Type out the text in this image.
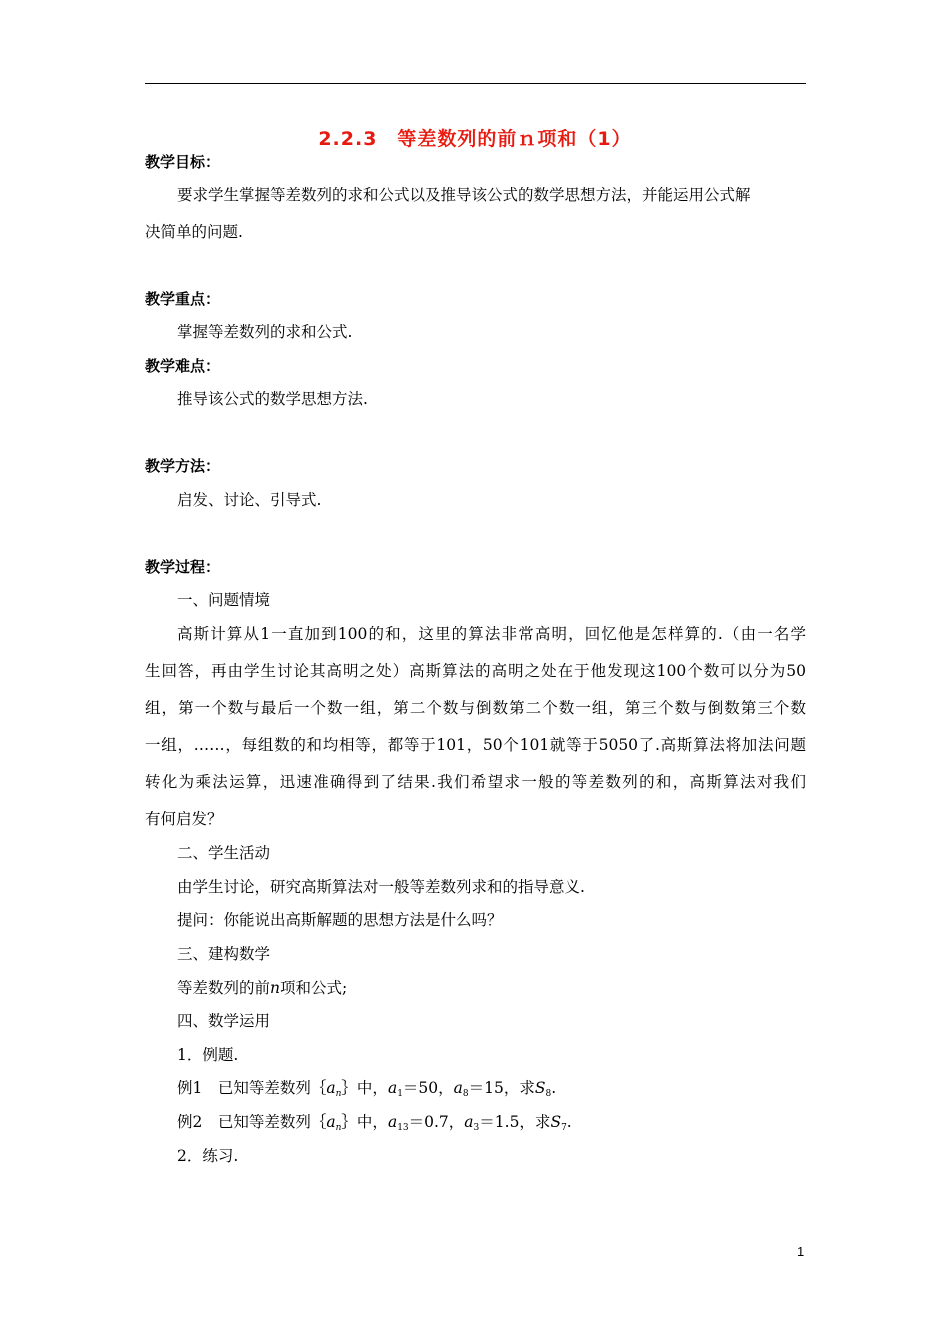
2.2.3　等差数列的前ｎ项和（1）
教学目标：
要求学生掌握等差数列的求和公式以及推导该公式的数学思想方法，并能运用公式解
决简单的问题.
教学重点：
掌握等差数列的求和公式.
教学难点：
推导该公式的数学思想方法.
教学方法：
启发、讨论、引导式.
教学过程：
一、问题情境
高斯计算从1一直加到100的和，这里的算法非常高明，回忆他是怎样算的.（由一名学
生回答，再由学生讨论其高明之处）高斯算法的高明之处在于他发现这100个数可以分为50
组，第一个数与最后一个数一组，第二个数与倒数第二个数一组，第三个数与倒数第三个数
一组，……，每组数的和均相等，都等于101，50个101就等于5050了.高斯算法将加法问题
转化为乘法运算，迅速准确得到了结果.我们希望求一般的等差数列的和，高斯算法对我们
有何启发？
二、学生活动
由学生讨论，研究高斯算法对一般等差数列求和的指导意义.
提问：你能说出高斯解题的思想方法是什么吗？
三、建构数学
等差数列的前n项和公式;
四、数学运用
1．例题.
例1　已知等差数列$\{a_n\}$中，$a_1=50$，$a_8=15$，求$S_8$.
例2　已知等差数列$\{a_n\}$中，$a_{13}=0.7$，$a_3=1.5$，求$S_7$.
2．练习.
1
